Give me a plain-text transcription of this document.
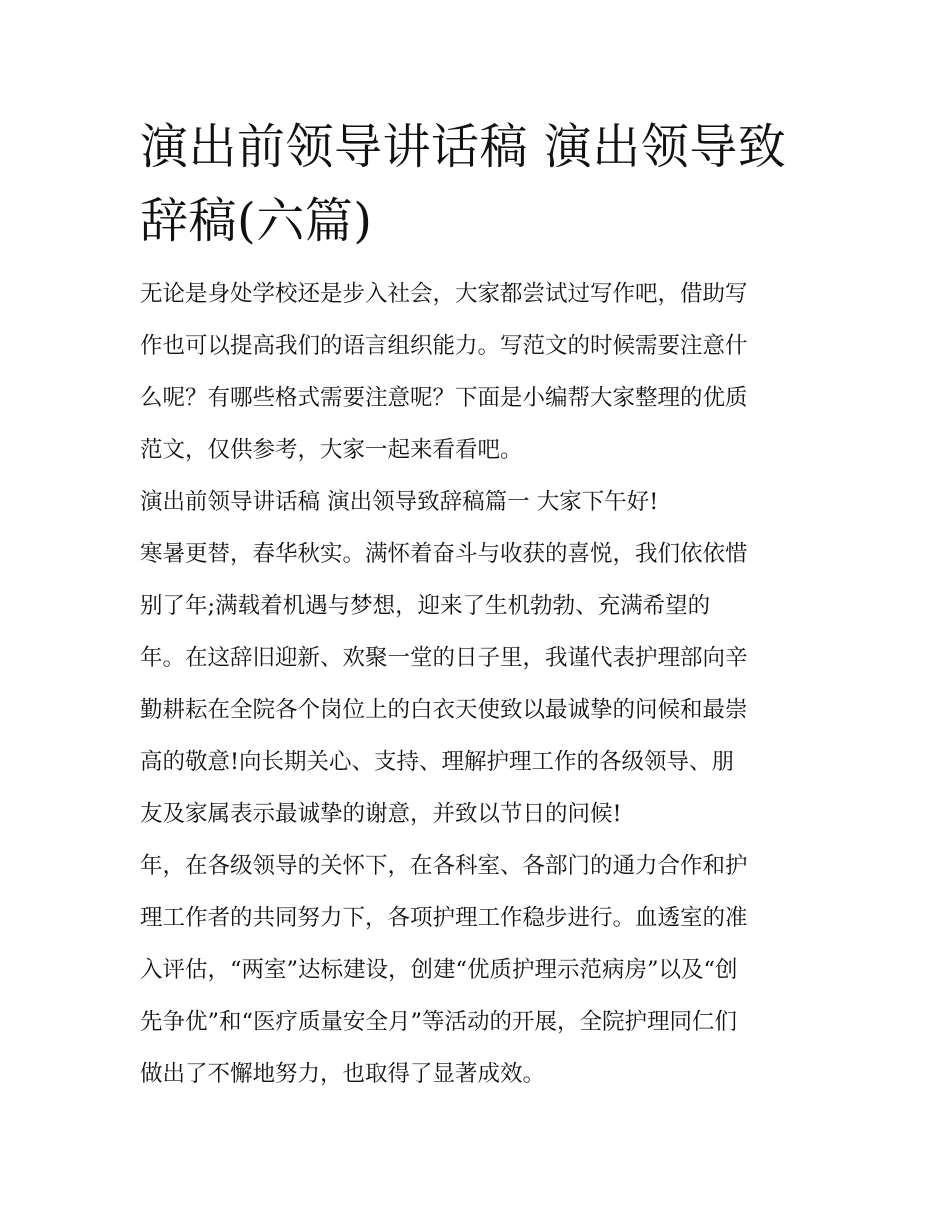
演出前领导讲话稿 演出领导致
辞稿(六篇)

无论是身处学校还是步入社会，大家都尝试过写作吧，借助写
作也可以提高我们的语言组织能力。写范文的时候需要注意什
么呢？有哪些格式需要注意呢？下面是小编帮大家整理的优质
范文，仅供参考，大家一起来看看吧。

演出前领导讲话稿 演出领导致辞稿篇一 大家下午好!

寒暑更替，春华秋实。满怀着奋斗与收获的喜悦，我们依依惜
别了年;满载着机遇与梦想，迎来了生机勃勃、充满希望的
年。在这辞旧迎新、欢聚一堂的日子里，我谨代表护理部向辛
勤耕耘在全院各个岗位上的白衣天使致以最诚挚的问候和最崇
高的敬意!向长期关心、支持、理解护理工作的各级领导、朋
友及家属表示最诚挚的谢意，并致以节日的问候!

年，在各级领导的关怀下，在各科室、各部门的通力合作和护
理工作者的共同努力下，各项护理工作稳步进行。血透室的准
入评估，“两室”达标建设，创建“优质护理示范病房”以及“创
先争优”和“医疗质量安全月”等活动的开展，全院护理同仁们
做出了不懈地努力，也取得了显著成效。
